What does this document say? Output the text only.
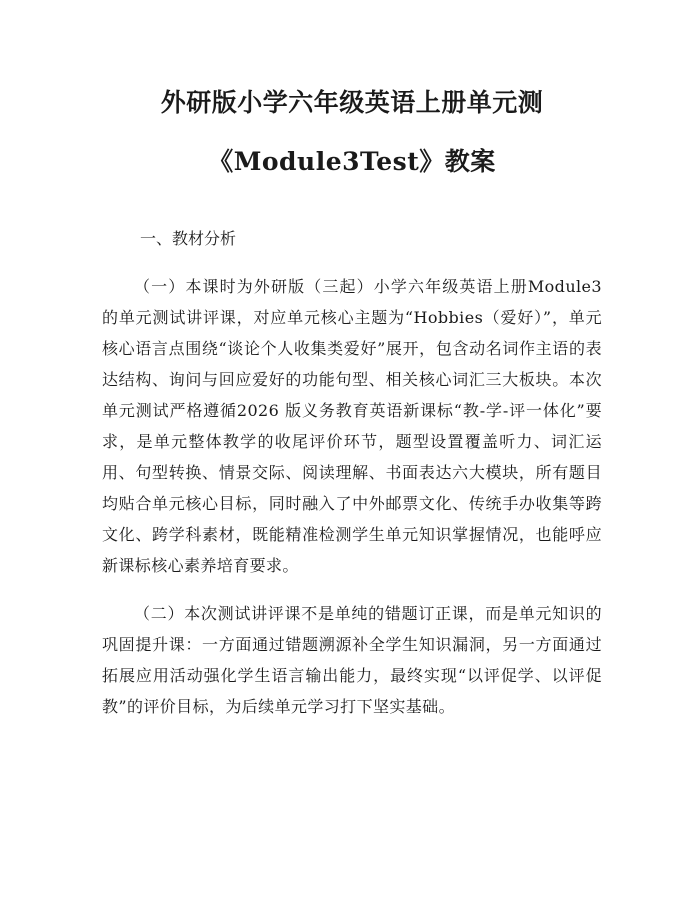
外研版小学六年级英语上册单元测
《Module3Test》教案

一、教材分析

（一）本课时为外研版（三起）小学六年级英语上册Module3 的单元测试讲评课，对应单元核心主题为“Hobbies（爱好）”，单元核心语言点围绕“谈论个人收集类爱好”展开，包含动名词作主语的表达结构、询问与回应爱好的功能句型、相关核心词汇三大板块。本次单元测试严格遵循2026 版义务教育英语新课标“教-学-评一体化”要求，是单元整体教学的收尾评价环节，题型设置覆盖听力、词汇运用、句型转换、情景交际、阅读理解、书面表达六大模块，所有题目均贴合单元核心目标，同时融入了中外邮票文化、传统手办收集等跨文化、跨学科素材，既能精准检测学生单元知识掌握情况，也能呼应新课标核心素养培育要求。

（二）本次测试讲评课不是单纯的错题订正课，而是单元知识的巩固提升课：一方面通过错题溯源补全学生知识漏洞，另一方面通过拓展应用活动强化学生语言输出能力，最终实现“以评促学、以评促教”的评价目标，为后续单元学习打下坚实基础。
